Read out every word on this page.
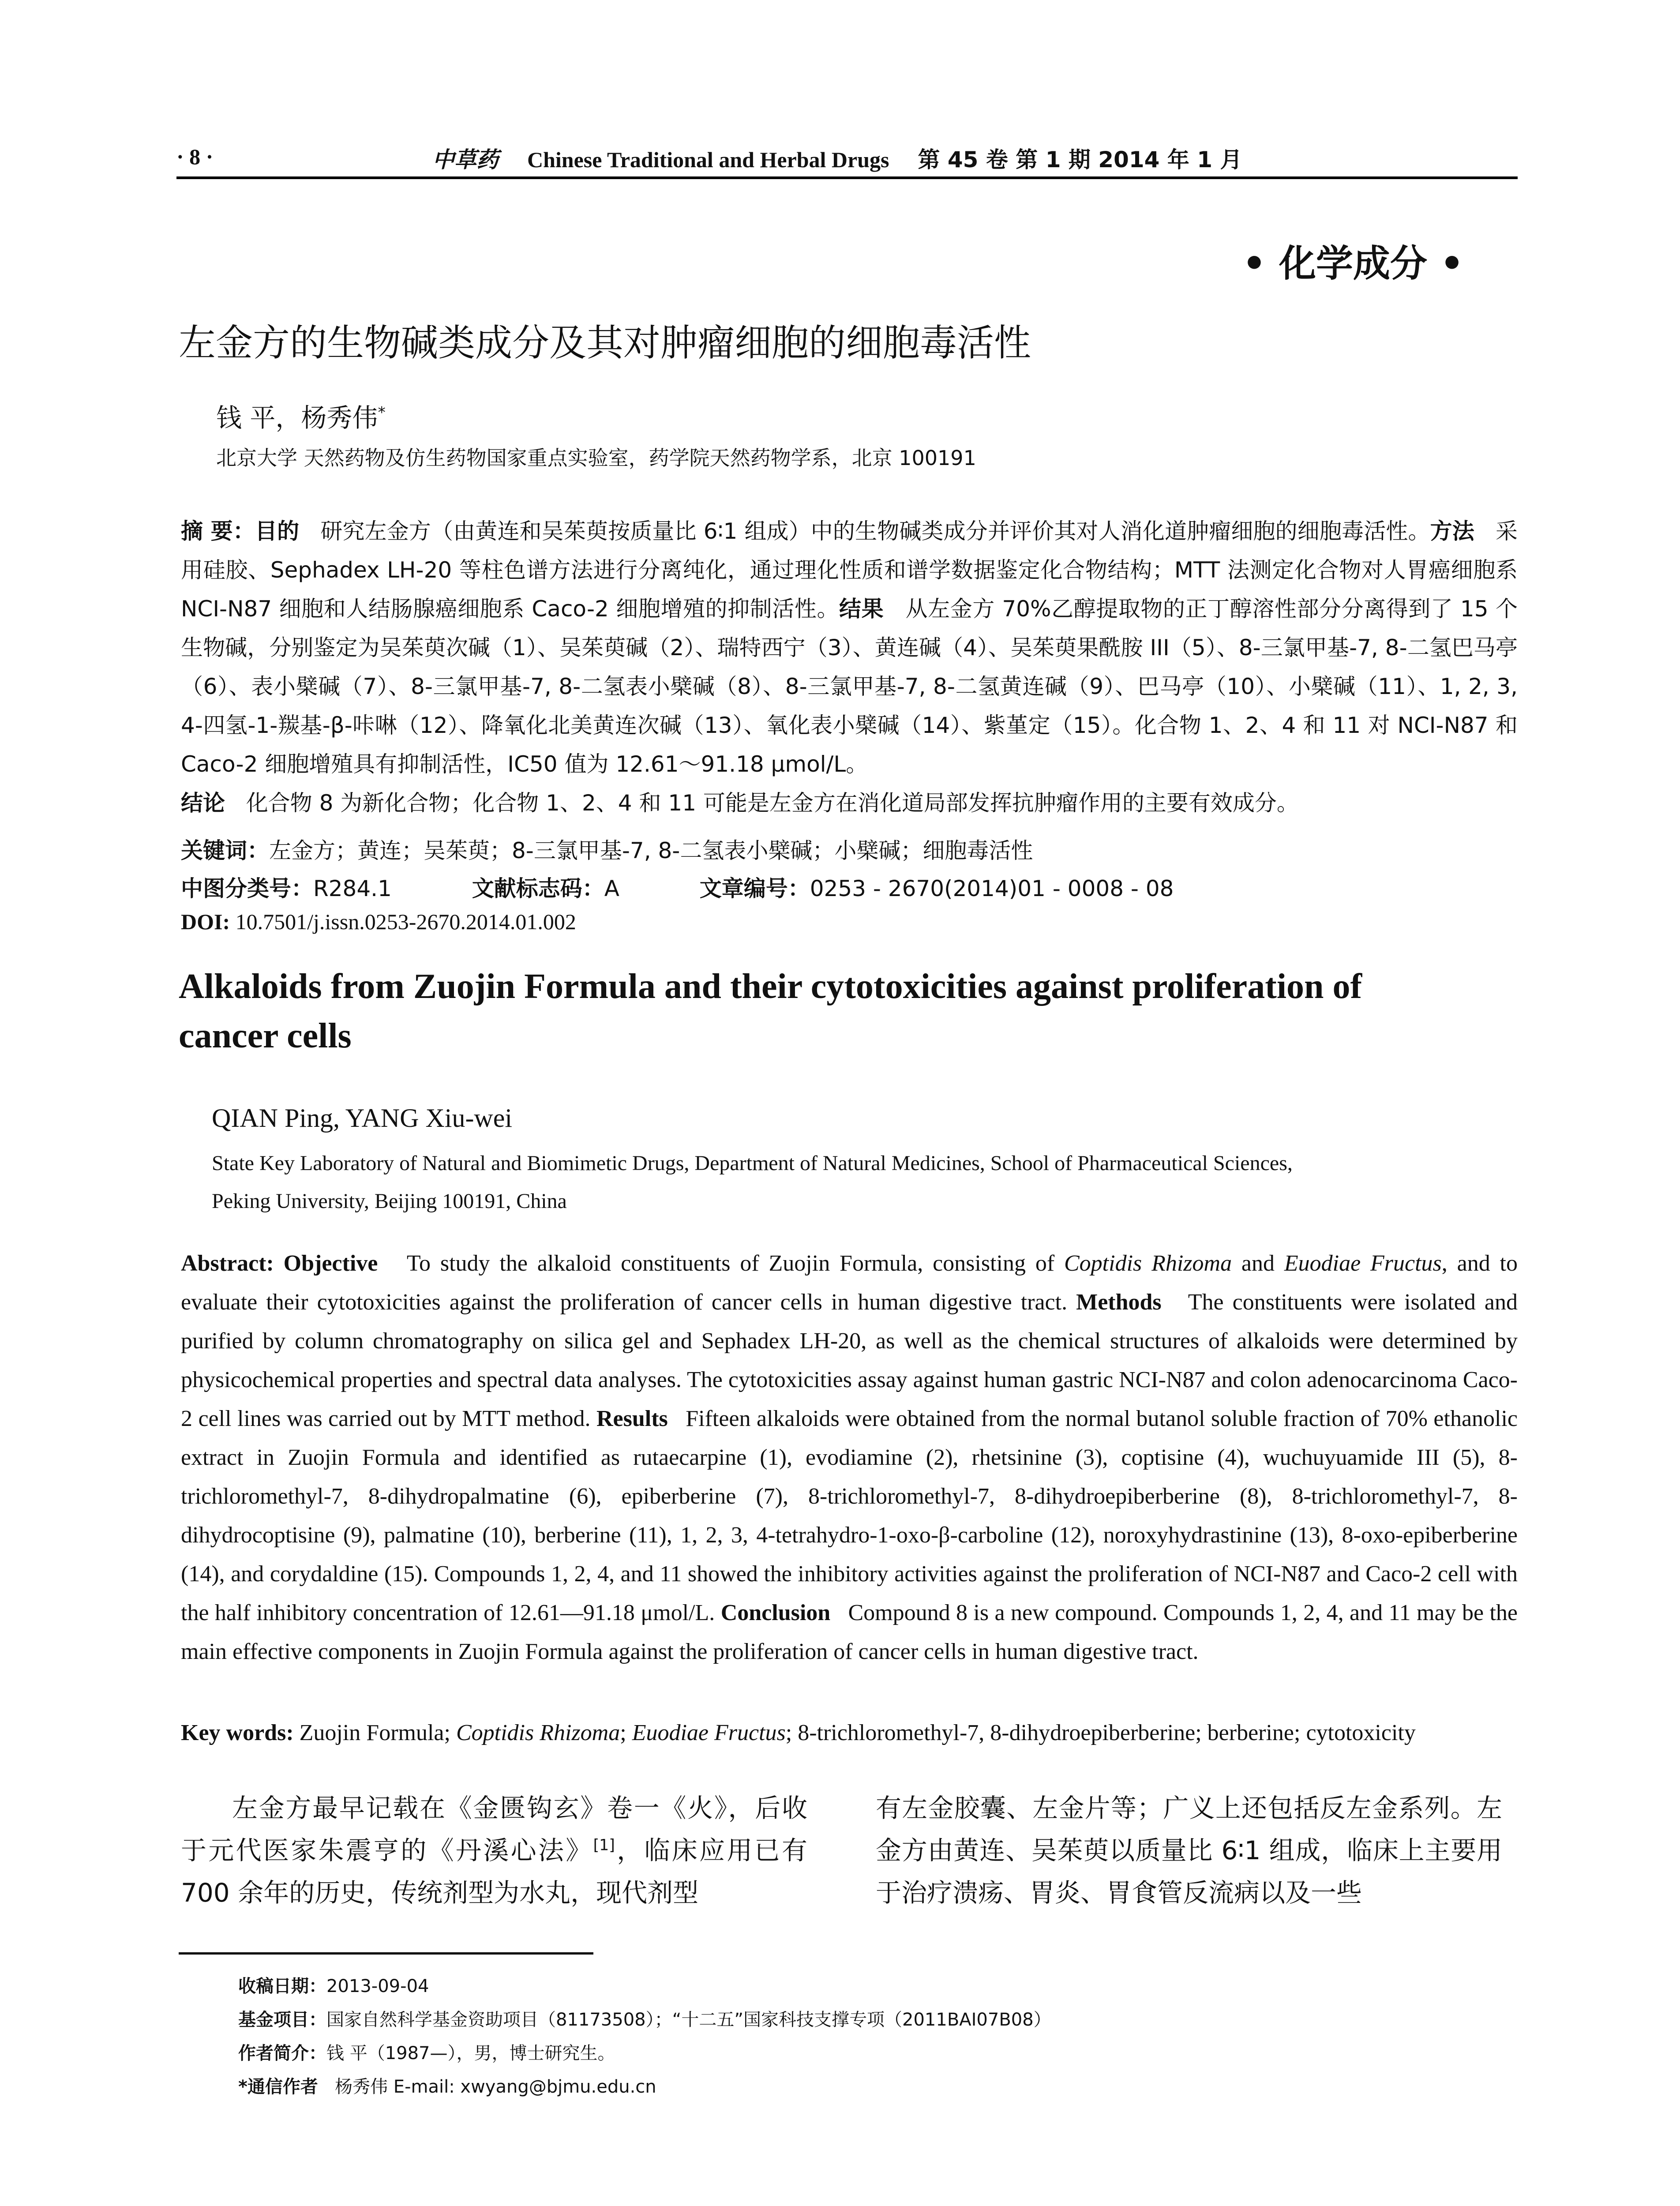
· 8 ·	中草药 Chinese Traditional and Herbal Drugs 第 45 卷 第 1 期 2014 年 1 月
• 化学成分 •
左金方的生物碱类成分及其对肿瘤细胞的细胞毒活性
钱 平，杨秀伟*
北京大学 天然药物及仿生药物国家重点实验室，药学院天然药物学系，北京 100191
摘 要：目的 研究左金方（由黄连和吴茱萸按质量比 6∶1 组成）中的生物碱类成分并评价其对人消化道肿瘤细胞的细胞毒活性。方法 采用硅胶、Sephadex LH-20 等柱色谱方法进行分离纯化，通过理化性质和谱学数据鉴定化合物结构；MTT 法测定化合物对人胃癌细胞系 NCI-N87 细胞和人结肠腺癌细胞系 Caco-2 细胞增殖的抑制活性。结果 从左金方 70%乙醇提取物的正丁醇溶性部分分离得到了 15 个生物碱，分别鉴定为吴茱萸次碱（1）、吴茱萸碱（2）、瑞特西宁（3）、黄连碱（4）、吴茱萸果酰胺 III（5）、8-三氯甲基-7, 8-二氢巴马亭（6）、表小檗碱（7）、8-三氯甲基-7, 8-二氢表小檗碱（8）、8-三氯甲基-7, 8-二氢黄连碱（9）、巴马亭（10）、小檗碱（11）、1, 2, 3, 4-四氢-1-羰基-β-咔啉（12）、降氧化北美黄连次碱（13）、氧化表小檗碱（14）、紫堇定（15）。化合物 1、2、4 和 11 对 NCI-N87 和 Caco-2 细胞增殖具有抑制活性，IC50 值为 12.61～91.18 μmol/L。
结论 化合物 8 为新化合物；化合物 1、2、4 和 11 可能是左金方在消化道局部发挥抗肿瘤作用的主要有效成分。
关键词：左金方；黄连；吴茱萸；8-三氯甲基-7, 8-二氢表小檗碱；小檗碱；细胞毒活性
中图分类号：R284.1	文献标志码：A	文章编号：0253 - 2670(2014)01 - 0008 - 08
DOI: 10.7501/j.issn.0253-2670.2014.01.002
Alkaloids from Zuojin Formula and their cytotoxicities against proliferation of
cancer cells
QIAN Ping, YANG Xiu-wei
State Key Laboratory of Natural and Biomimetic Drugs, Department of Natural Medicines, School of Pharmaceutical Sciences,
Peking University, Beijing 100191, China
Abstract: Objective To study the alkaloid constituents of Zuojin Formula, consisting of Coptidis Rhizoma and Euodiae Fructus, and to evaluate their cytotoxicities against the proliferation of cancer cells in human digestive tract. Methods The constituents were isolated and purified by column chromatography on silica gel and Sephadex LH-20, as well as the chemical structures of alkaloids were determined by physicochemical properties and spectral data analyses. The cytotoxicities assay against human gastric NCI-N87 and colon adenocarcinoma Caco-2 cell lines was carried out by MTT method. Results Fifteen alkaloids were obtained from the normal butanol soluble fraction of 70% ethanolic extract in Zuojin Formula and identified as rutaecarpine (1), evodiamine (2), rhetsinine (3), coptisine (4), wuchuyuamide III (5), 8-trichloromethyl-7, 8-dihydropalmatine (6), epiberberine (7), 8-trichloromethyl-7, 8-dihydroepiberberine (8), 8-trichloromethyl-7, 8-dihydrocoptisine (9), palmatine (10), berberine (11), 1, 2, 3, 4-tetrahydro-1-oxo-β-carboline (12), noroxyhydrastinine (13), 8-oxo-epiberberine (14), and corydaldine (15). Compounds 1, 2, 4, and 11 showed the inhibitory activities against the proliferation of NCI-N87 and Caco-2 cell with the half inhibitory concentration of 12.61—91.18 μmol/L. Conclusion Compound 8 is a new compound. Compounds 1, 2, 4, and 11 may be the main effective components in Zuojin Formula against the proliferation of cancer cells in human digestive tract.
Key words: Zuojin Formula; Coptidis Rhizoma; Euodiae Fructus; 8-trichloromethyl-7, 8-dihydroepiberberine; berberine; cytotoxicity
左金方最早记载在《金匮钩玄》卷一《火》，后收于元代医家朱震亨的《丹溪心法》[1]，临床应用已有 700 余年的历史，传统剂型为水丸，现代剂型
有左金胶囊、左金片等；广义上还包括反左金系列。左金方由黄连、吴茱萸以质量比 6∶1 组成，临床上主要用于治疗溃疡、胃炎、胃食管反流病以及一些
收稿日期：2013-09-04
基金项目：国家自然科学基金资助项目（81173508）；“十二五”国家科技支撑专项（2011BAI07B08）
作者简介：钱 平（1987—），男，博士研究生。
*通信作者 杨秀伟 E-mail: xwyang@bjmu.edu.cn
